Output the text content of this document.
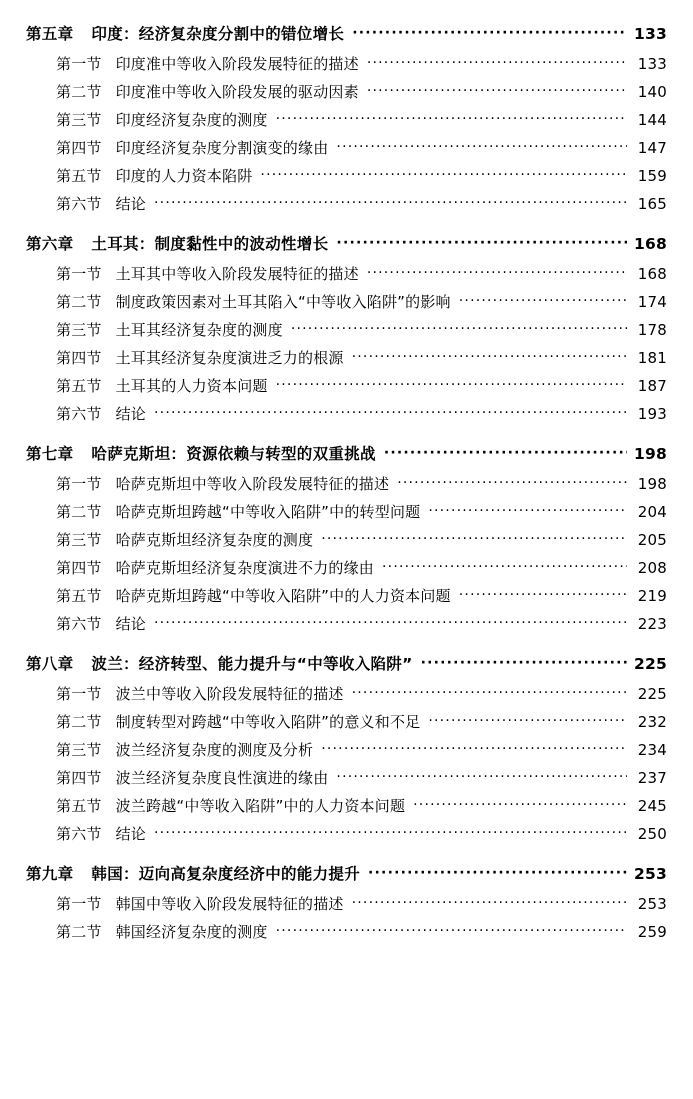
第五章	印度：经济复杂度分割中的错位增长 ·····	133
第一节 印度准中等收入阶段发展特征的描述 ·····	133
第二节 印度准中等收入阶段发展的驱动因素 ·····	140
第三节 印度经济复杂度的测度 ·····	144
第四节 印度经济复杂度分割演变的缘由 ·····	147
第五节 印度的人力资本陷阱 ·····	159
第六节 结论 ·····	165
第六章	土耳其：制度黏性中的波动性增长 ·····	168
第一节 土耳其中等收入阶段发展特征的描述 ·····	168
第二节 制度政策因素对土耳其陷入“中等收入陷阱”的影响 ·····	174
第三节 土耳其经济复杂度的测度 ·····	178
第四节 土耳其经济复杂度演进乏力的根源 ·····	181
第五节 土耳其的人力资本问题 ·····	187
第六节 结论 ·····	193
第七章	哈萨克斯坦：资源依赖与转型的双重挑战 ·····	198
第一节 哈萨克斯坦中等收入阶段发展特征的描述 ·····	198
第二节 哈萨克斯坦跨越“中等收入陷阱”中的转型问题 ·····	204
第三节 哈萨克斯坦经济复杂度的测度 ·····	205
第四节 哈萨克斯坦经济复杂度演进不力的缘由 ·····	208
第五节 哈萨克斯坦跨越“中等收入陷阱”中的人力资本问题 ·····	219
第六节 结论 ·····	223
第八章	波兰：经济转型、能力提升与“中等收入陷阱” ·····	225
第一节 波兰中等收入阶段发展特征的描述 ·····	225
第二节 制度转型对跨越“中等收入陷阱”的意义和不足 ·····	232
第三节 波兰经济复杂度的测度及分析 ·····	234
第四节 波兰经济复杂度良性演进的缘由 ·····	237
第五节 波兰跨越“中等收入陷阱”中的人力资本问题 ·····	245
第六节 结论 ·····	250
第九章	韩国：迈向高复杂度经济中的能力提升 ·····	253
第一节 韩国中等收入阶段发展特征的描述 ·····	253
第二节 韩国经济复杂度的测度 ·····	259
